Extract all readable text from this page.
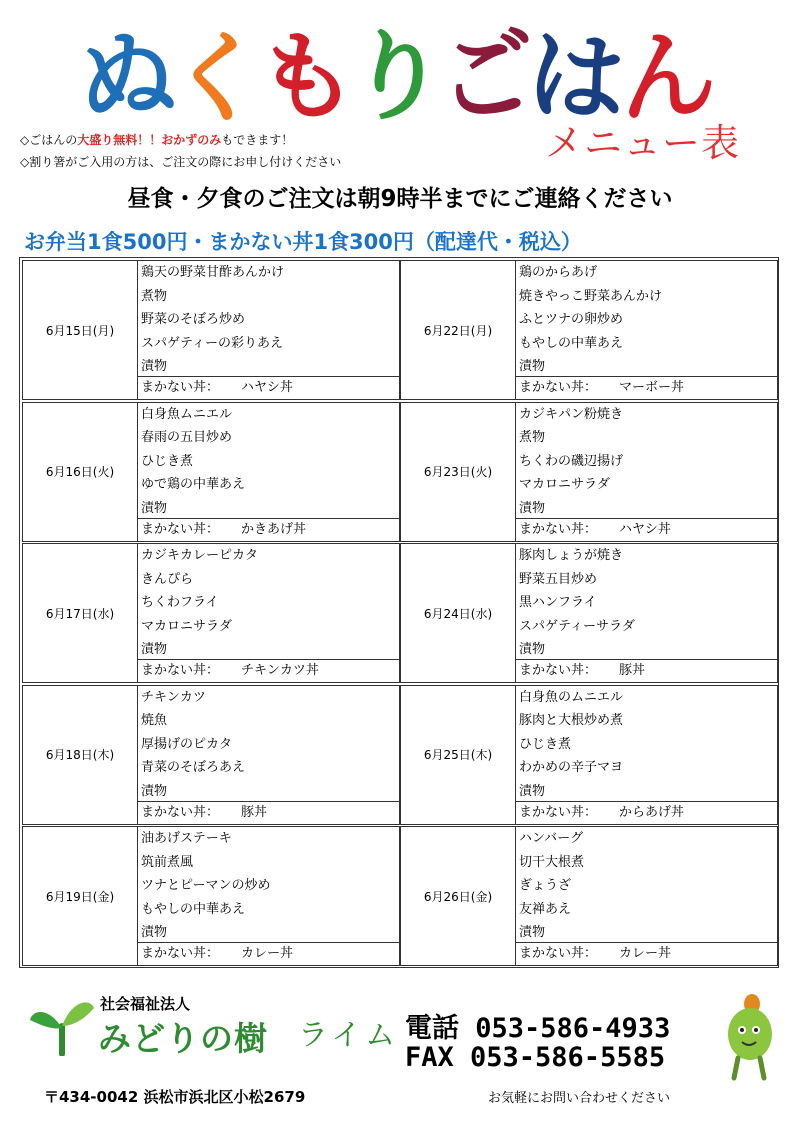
ぬくもりごはん
メニュー表
◇ごはんの大盛り無料！！おかずのみもできます！
◇割り箸がご入用の方は、ご注文の際にお申し付けください
昼食・夕食のご注文は朝9時半までにご連絡ください
お弁当1食500円・まかない丼1食300円（配達代・税込）
6月15日(月)
鶏天の野菜甘酢あんかけ
煮物
野菜のそぼろ炒め
スパゲティーの彩りあえ
漬物
まかない丼： ハヤシ丼
6月16日(火)
白身魚ムニエル
春雨の五目炒め
ひじき煮
ゆで鶏の中華あえ
漬物
まかない丼： かきあげ丼
6月17日(水)
カジキカレーピカタ
きんぴら
ちくわフライ
マカロニサラダ
漬物
まかない丼： チキンカツ丼
6月18日(木)
チキンカツ
焼魚
厚揚げのピカタ
青菜のそぼろあえ
漬物
まかない丼： 豚丼
6月19日(金)
油あげステーキ
筑前煮風
ツナとピーマンの炒め
もやしの中華あえ
漬物
まかない丼： カレー丼
6月22日(月)
鶏のからあげ
焼きやっこ野菜あんかけ
ふとツナの卵炒め
もやしの中華あえ
漬物
まかない丼： マーボー丼
6月23日(火)
カジキパン粉焼き
煮物
ちくわの磯辺揚げ
マカロニサラダ
漬物
まかない丼： ハヤシ丼
6月24日(水)
豚肉しょうが焼き
野菜五目炒め
黒ハンフライ
スパゲティーサラダ
漬物
まかない丼： 豚丼
6月25日(木)
白身魚のムニエル
豚肉と大根炒め煮
ひじき煮
わかめの辛子マヨ
漬物
まかない丼： からあげ丼
6月26日(金)
ハンバーグ
切干大根煮
ぎょうざ
友禅あえ
漬物
まかない丼： カレー丼
社会福祉法人
みどりの樹 ライム 電話 053-586-4933
FAX 053-586-5585
〒434-0042 浜松市浜北区小松2679	お気軽にお問い合わせください
